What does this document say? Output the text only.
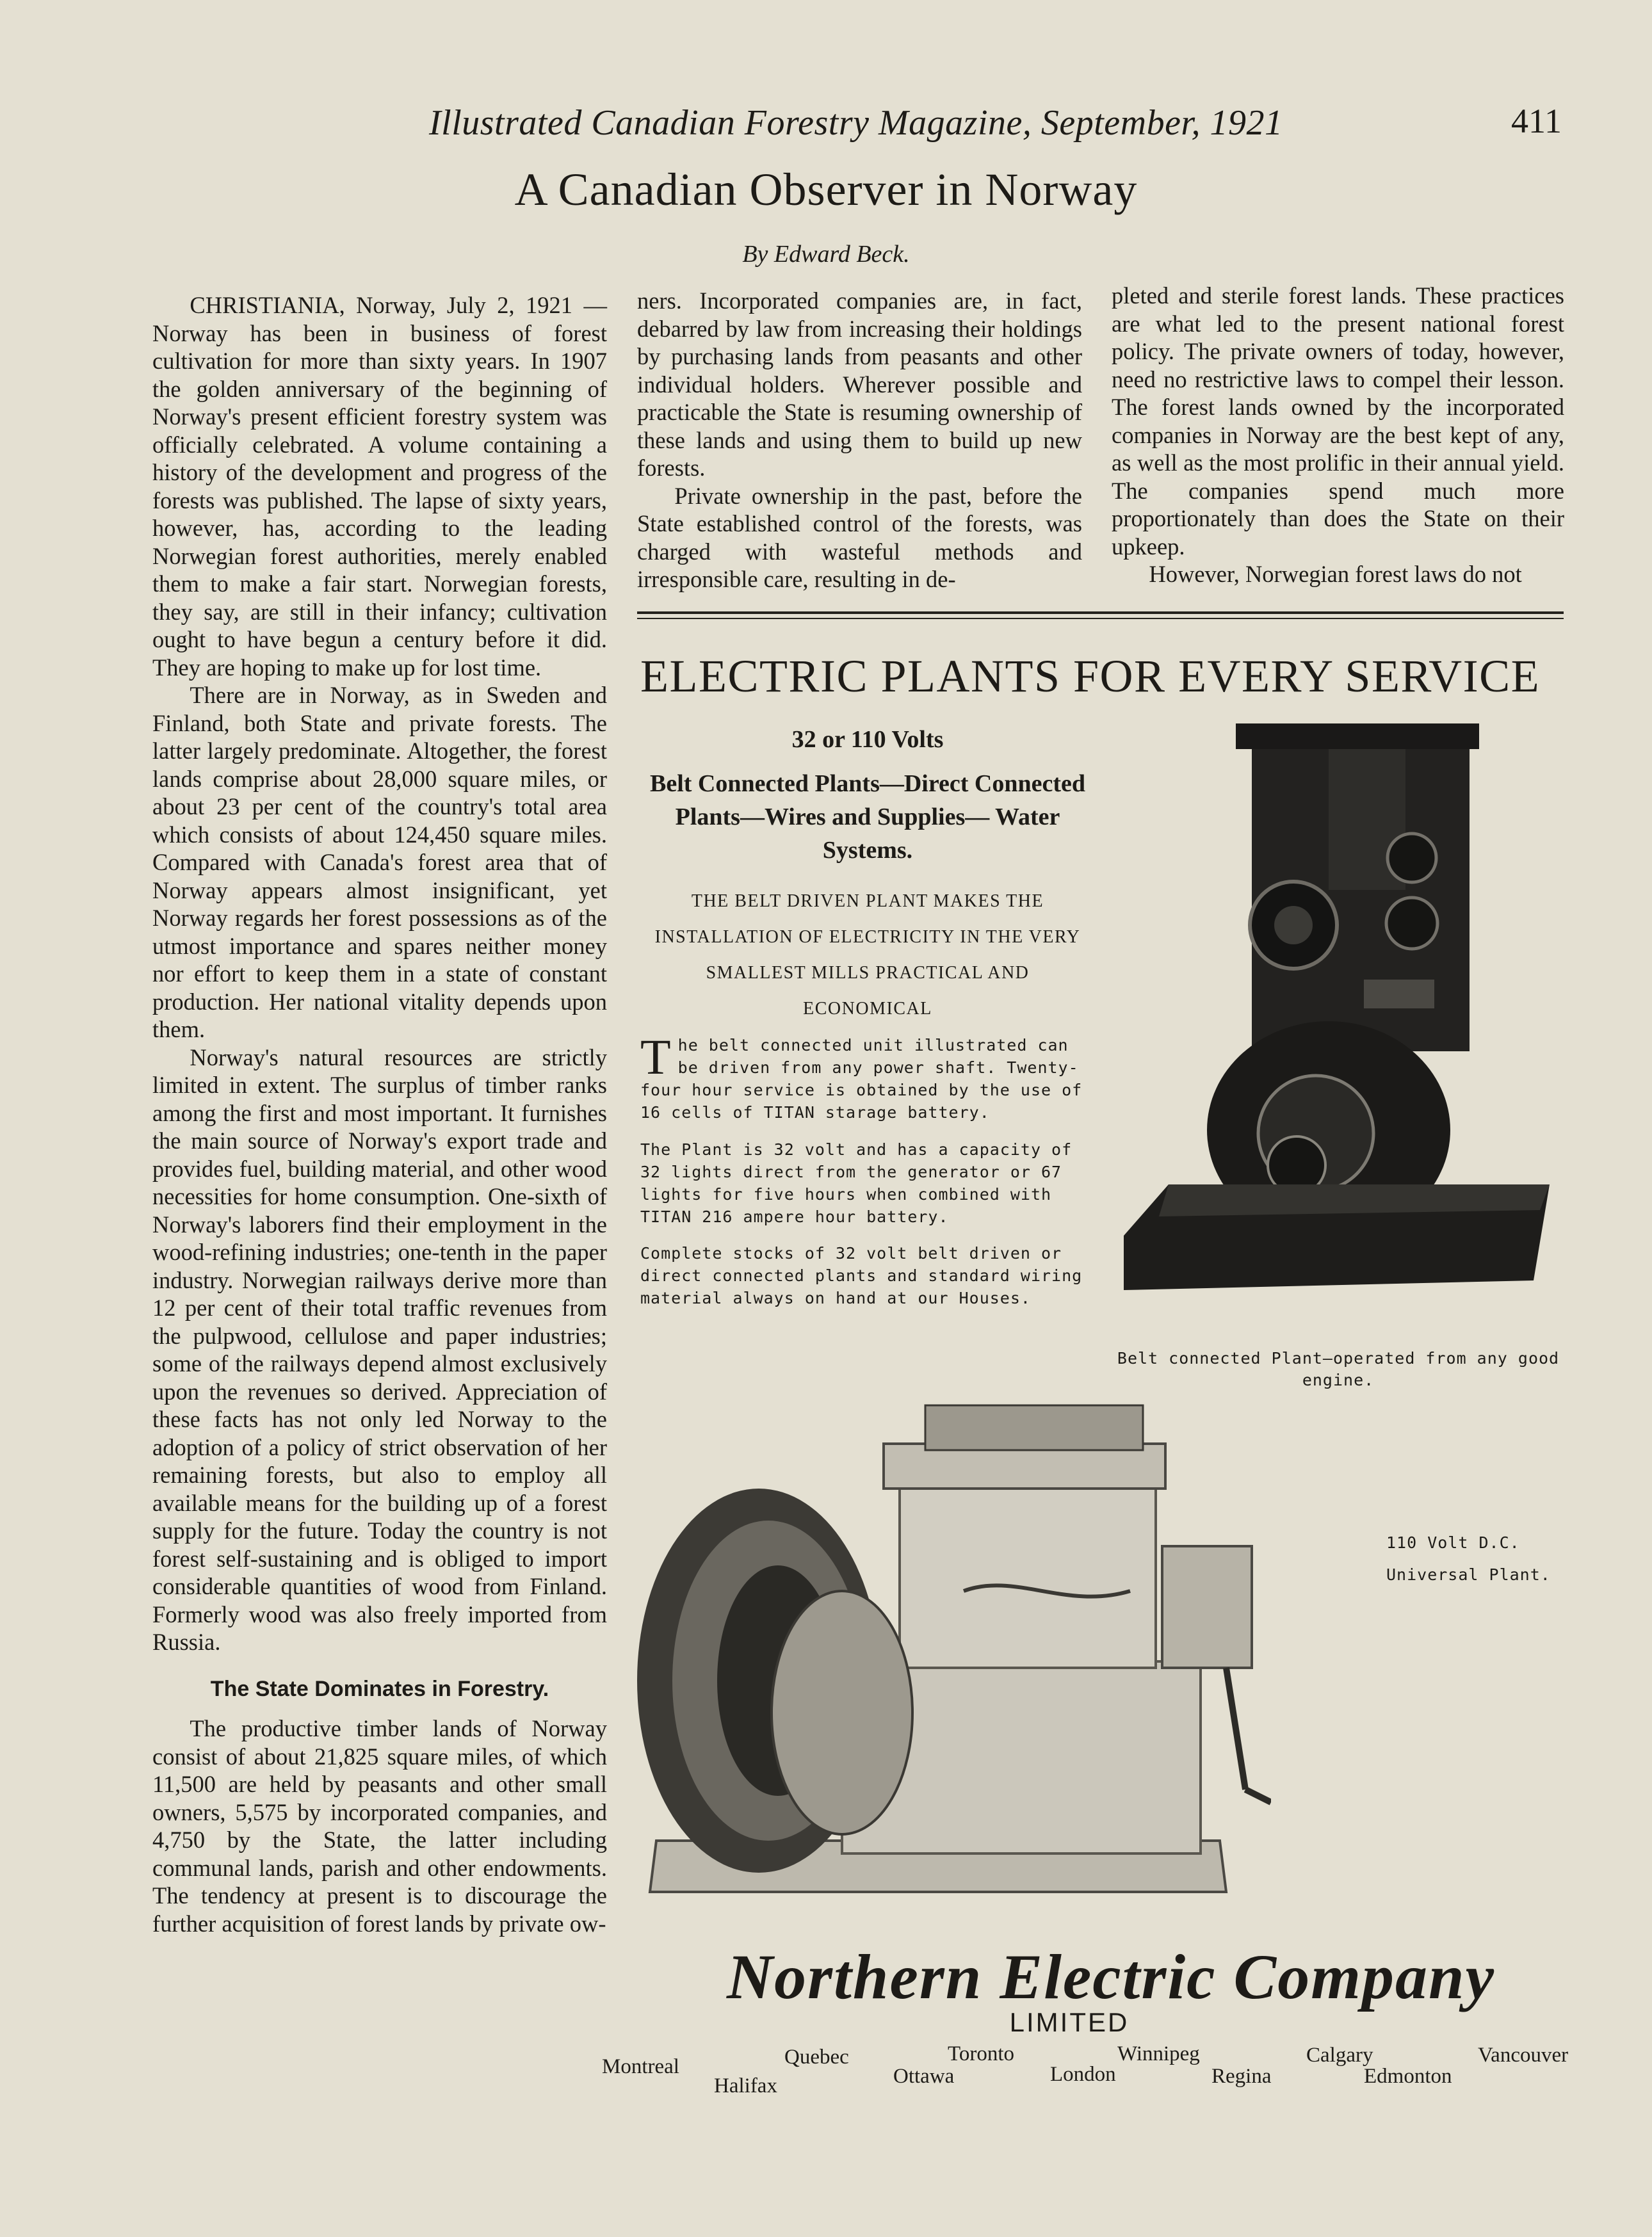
Illustrated Canadian Forestry Magazine, September, 1921	411
A Canadian Observer in Norway
By Edward Beck.

CHRISTIANIA, Norway, July 2, 1921 —Norway has been in business of forest cultivation for more than sixty years. In 1907 the golden anniversary of the beginning of Norway's present efficient forestry system was officially celebrated. A volume containing a history of the development and progress of the forests was published. The lapse of sixty years, however, has, according to the leading Norwegian forest authorities, merely enabled them to make a fair start. Norwegian forests, they say, are still in their infancy; cultivation ought to have begun a century before it did. They are hoping to make up for lost time.

There are in Norway, as in Sweden and Finland, both State and private forests. The latter largely predominate. Altogether, the forest lands comprise about 28,000 square miles, or about 23 per cent of the country's total area which consists of about 124,450 square miles. Compared with Canada's forest area that of Norway appears almost insignificant, yet Norway regards her forest possessions as of the utmost importance and spares neither money nor effort to keep them in a state of constant production. Her national vitality depends upon them.

Norway's natural resources are strictly limited in extent. The surplus of timber ranks among the first and most important. It furnishes the main source of Norway's export trade and provides fuel, building material, and other wood necessities for home consumption. One-sixth of Norway's laborers find their employment in the wood-refining industries; one-tenth in the paper industry. Norwegian railways derive more than 12 per cent of their total traffic revenues from the pulpwood, cellulose and paper industries; some of the railways depend almost exclusively upon the revenues so derived. Appreciation of these facts has not only led Norway to the adoption of a policy of strict observation of her remaining forests, but also to employ all available means for the building up of a forest supply for the future. Today the country is not forest self-sustaining and is obliged to import considerable quantities of wood from Finland. Formerly wood was also freely imported from Russia.

The State Dominates in Forestry.

The productive timber lands of Norway consist of about 21,825 square miles, of which 11,500 are held by peasants and other small owners, 5,575 by incorporated companies, and 4,750 by the State, the latter including communal lands, parish and other endowments. The tendency at present is to discourage the further acquisition of forest lands by private ow-

ners. Incorporated companies are, in fact, debarred by law from increasing their holdings by purchasing lands from peasants and other individual holders. Wherever possible and practicable the State is resuming ownership of these lands and using them to build up new forests.

Private ownership in the past, before the State established control of the forests, was charged with wasteful methods and irresponsible care, resulting in de-

pleted and sterile forest lands. These practices are what led to the present national forest policy. The private owners of today, however, need no restrictive laws to compel their lesson. The forest lands owned by the incorporated companies in Norway are the best kept of any, as well as the most prolific in their annual yield. The companies spend much more proportionately than does the State on their upkeep.

However, Norwegian forest laws do not

ELECTRIC PLANTS FOR EVERY SERVICE
32 or 110 Volts
Belt Connected Plants—Direct Connected Plants—Wires and Supplies— Water Systems.
THE BELT DRIVEN PLANT MAKES THE INSTALLATION OF ELECTRICITY IN THE VERY SMALLEST MILLS PRACTICAL AND ECONOMICAL
The belt connected unit illustrated can be driven from any power shaft. Twenty-four hour service is obtained by the use of 16 cells of TITAN starage battery.
The Plant is 32 volt and has a capacity of 32 lights direct from the generator or 67 lights for five hours when combined with TITAN 216 ampere hour battery.
Complete stocks of 32 volt belt driven or direct connected plants and standard wiring material always on hand at our Houses.
Belt connected Plant—operated from any good engine.
110 Volt D.C. Universal Plant.
Northern Electric Company
LIMITED
Montreal
Halifax
Quebec
Ottawa
Toronto
London
Winnipeg
Regina
Calgary
Edmonton
Vancouver
